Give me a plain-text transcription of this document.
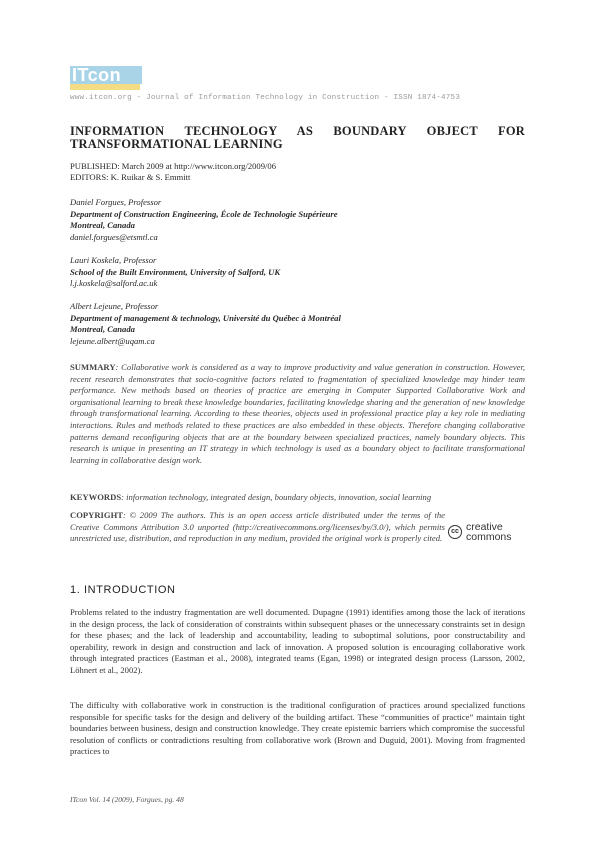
ITcon
www.itcon.org - Journal of Information Technology in Construction - ISSN 1874-4753
INFORMATION TECHNOLOGY AS BOUNDARY OBJECT FOR TRANSFORMATIONAL LEARNING
PUBLISHED: March 2009 at http://www.itcon.org/2009/06
EDITORS: K. Ruikar & S. Emmitt
Daniel Forgues, Professor
Department of Construction Engineering, École de Technologie Supérieure
Montreal, Canada
daniel.forgues@etsmtl.ca
Lauri Koskela, Professor
School of the Built Environment, University of Salford, UK
l.j.koskela@salford.ac.uk
Albert Lejeune, Professor
Department of management & technology, Université du Québec à Montréal
Montreal, Canada
lejeune.albert@uqam.ca
SUMMARY: Collaborative work is considered as a way to improve productivity and value generation in construction. However, recent research demonstrates that socio-cognitive factors related to fragmentation of specialized knowledge may hinder team performance. New methods based on theories of practice are emerging in Computer Supported Collaborative Work and organisational learning to break these knowledge boundaries, facilitating knowledge sharing and the generation of new knowledge through transformational learning. According to these theories, objects used in professional practice play a key role in mediating interactions. Rules and methods related to these practices are also embedded in these objects. Therefore changing collaborative patterns demand reconfiguring objects that are at the boundary between specialized practices, namely boundary objects. This research is unique in presenting an IT strategy in which technology is used as a boundary object to facilitate transformational learning in collaborative design work.
KEYWORDS: information technology, integrated design, boundary objects, innovation, social learning
COPYRIGHT: © 2009 The authors. This is an open access article distributed under the terms of the Creative Commons Attribution 3.0 unported (http://creativecommons.org/licenses/by/3.0/), which permits unrestricted use, distribution, and reproduction in any medium, provided the original work is properly cited.
cc creative
commons
1. INTRODUCTION
Problems related to the industry fragmentation are well documented. Dupagne (1991) identifies among those the lack of iterations in the design process, the lack of consideration of constraints within subsequent phases or the unnecessary constraints set in design for these phases; and the lack of leadership and accountability, leading to suboptimal solutions, poor constructability and operability, rework in design and construction and lack of innovation. A proposed solution is encouraging collaborative work through integrated practices (Eastman et al., 2008), integrated teams (Egan, 1998) or integrated design process (Larsson, 2002, Löhnert et al., 2002).
The difficulty with collaborative work in construction is the traditional configuration of practices around specialized functions responsible for specific tasks for the design and delivery of the building artifact. These “communities of practice” maintain tight boundaries between business, design and construction knowledge. They create epistemic barriers which compromise the successful resolution of conflicts or contradictions resulting from collaborative work (Brown and Duguid, 2001). Moving from fragmented practices to
ITcon Vol. 14 (2009), Forgues, pg. 48
